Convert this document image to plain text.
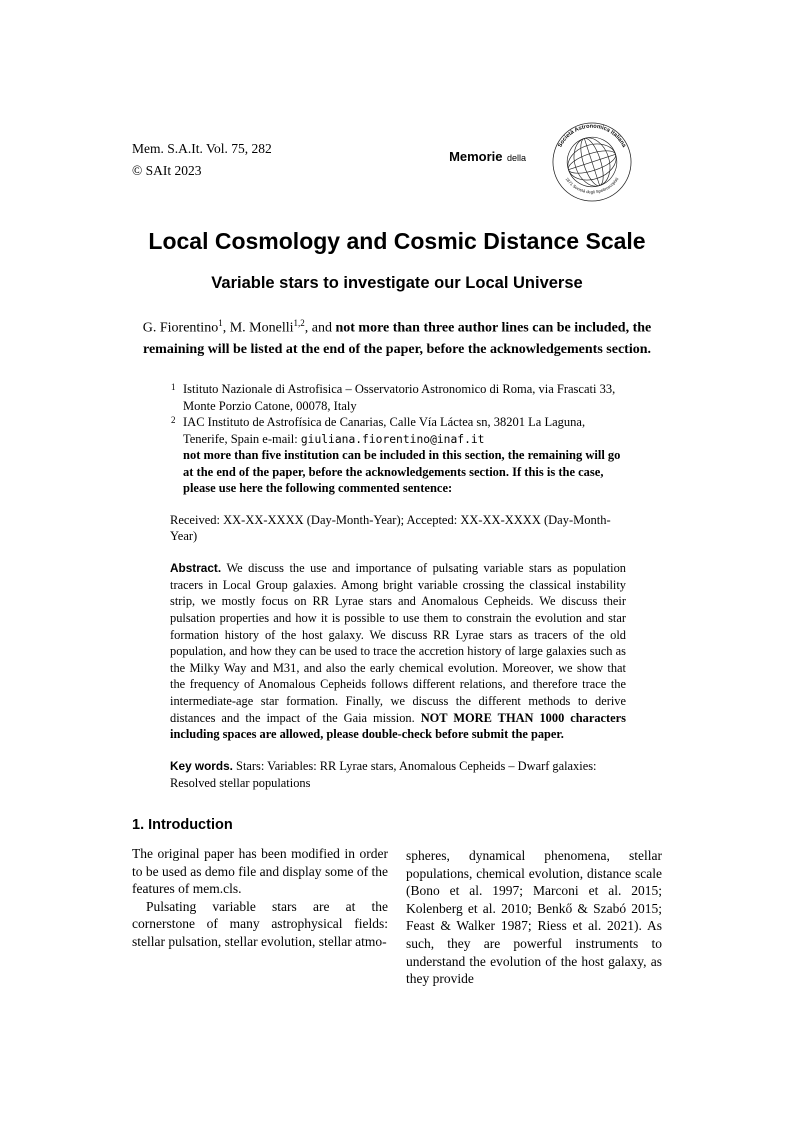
Mem. S.A.It. Vol. 75, 282
© SAIt 2023
Memorie della
Società Astronomica Italiana
1871 Società degli Spettroscopisti
Local Cosmology and Cosmic Distance Scale
Variable stars to investigate our Local Universe

G. Fiorentino$^1$, M. Monelli$^{1,2}$, and not more than three author lines can be included, the remaining will be listed at the end of the paper, before the acknowledgements section.

1 Istituto Nazionale di Astrofisica – Osservatorio Astronomico di Roma, via Frascati 33, Monte Porzio Catone, 00078, Italy
2 IAC Instituto de Astrofísica de Canarias, Calle Vía Láctea sn, 38201 La Laguna, Tenerife, Spain e-mail: giuliana.fiorentino@inaf.it
not more than five institution can be included in this section, the remaining will go at the end of the paper, before the acknowledgements section. If this is the case, please use here the following commented sentence:

Received: XX-XX-XXXX (Day-Month-Year); Accepted: XX-XX-XXXX (Day-Month-Year)

Abstract. We discuss the use and importance of pulsating variable stars as population tracers in Local Group galaxies. Among bright variable crossing the classical instability strip, we mostly focus on RR Lyrae stars and Anomalous Cepheids. We discuss their pulsation properties and how it is possible to use them to constrain the evolution and star formation history of the host galaxy. We discuss RR Lyrae stars as tracers of the old population, and how they can be used to trace the accretion history of large galaxies such as the Milky Way and M31, and also the early chemical evolution. Moreover, we show that the frequency of Anomalous Cepheids follows different relations, and therefore trace the intermediate-age star formation. Finally, we discuss the different methods to derive distances and the impact of the Gaia mission. NOT MORE THAN 1000 characters including spaces are allowed, please double-check before submit the paper.

Key words. Stars: Variables: RR Lyrae stars, Anomalous Cepheids – Dwarf galaxies: Resolved stellar populations

1. Introduction

The original paper has been modified in order to be used as demo file and display some of the features of mem.cls.

Pulsating variable stars are at the cornerstone of many astrophysical fields: stellar pulsation, stellar evolution, stellar atmo-

spheres, dynamical phenomena, stellar populations, chemical evolution, distance scale (Bono et al. 1997; Marconi et al. 2015; Kolenberg et al. 2010; Benkő & Szabó 2015; Feast & Walker 1987; Riess et al. 2021). As such, they are powerful instruments to understand the evolution of the host galaxy, as they provide
